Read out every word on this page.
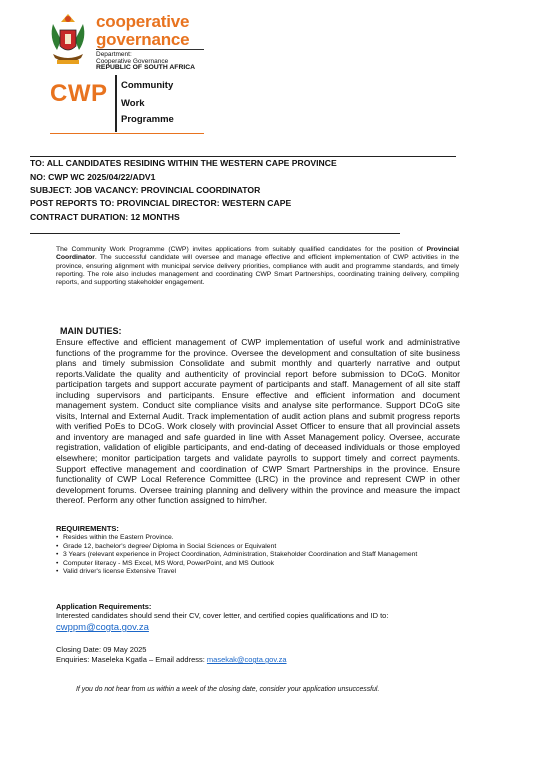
cooperative
governance
Department:
Cooperative Governance
REPUBLIC OF SOUTH AFRICA
CWP Community
Work
Programme
TO: ALL CANDIDATES RESIDING WITHIN THE WESTERN CAPE PROVINCE
NO: CWP WC 2025/04/22/ADV1
SUBJECT: JOB VACANCY: PROVINCIAL COORDINATOR
POST REPORTS TO: PROVINCIAL DIRECTOR: WESTERN CAPE
CONTRACT DURATION: 12 MONTHS
The Community Work Programme (CWP) invites applications from suitably qualified candidates for the position of Provincial Coordinator. The successful candidate will oversee and manage effective and efficient implementation of CWP activities in the province, ensuring alignment with municipal service delivery priorities, compliance with audit and programme standards, and timely reporting. The role also includes management and coordinating CWP Smart Partnerships, coordinating training delivery, compiling reports, and supporting stakeholder engagement.
MAIN DUTIES:
Ensure effective and efficient management of CWP implementation of useful work and administrative functions of the programme for the province. Oversee the development and consultation of site business plans and timely submission Consolidate and submit monthly and quarterly narrative and output reports.Validate the quality and authenticity of provincial report before submission to DCoG. Monitor participation targets and support accurate payment of participants and staff. Management of all site staff including supervisors and participants. Ensure effective and efficient information and document management system. Conduct site compliance visits and analyse site performance. Support DCoG site visits, Internal and External Audit. Track implementation of audit action plans and submit progress reports with verified PoEs to DCoG. Work closely with provincial Asset Officer to ensure that all provincial assets and inventory are managed and safe guarded in line with Asset Management policy. Oversee, accurate registration, validation of eligible participants, and end-dating of deceased individuals or those employed elsewhere; monitor participation targets and validate payrolls to support timely and correct payments. Support effective management and coordination of CWP Smart Partnerships in the province. Ensure functionality of CWP Local Reference Committee (LRC) in the province and represent CWP in other development forums. Oversee training planning and delivery within the province and measure the impact thereof. Perform any other function assigned to him/her.
REQUIREMENTS:
• Resides within the Eastern Province.
• Grade 12, bachelor's degree/ Diploma in Social Sciences or Equivalent
• 3 Years (relevant experience in Project Coordination, Administration, Stakeholder Coordination and Staff Management
• Computer literacy - MS Excel, MS Word, PowerPoint, and MS Outlook
• Valid driver's license Extensive Travel
Application Requirements:
Interested candidates should send their CV, cover letter, and certified copies qualifications and ID to:
cwppm@cogta.gov.za
Closing Date: 09 May 2025
Enquiries: Maseleka Kgatla – Email address: masekak@cogta.gov.za
If you do not hear from us within a week of the closing date, consider your application unsuccessful.
